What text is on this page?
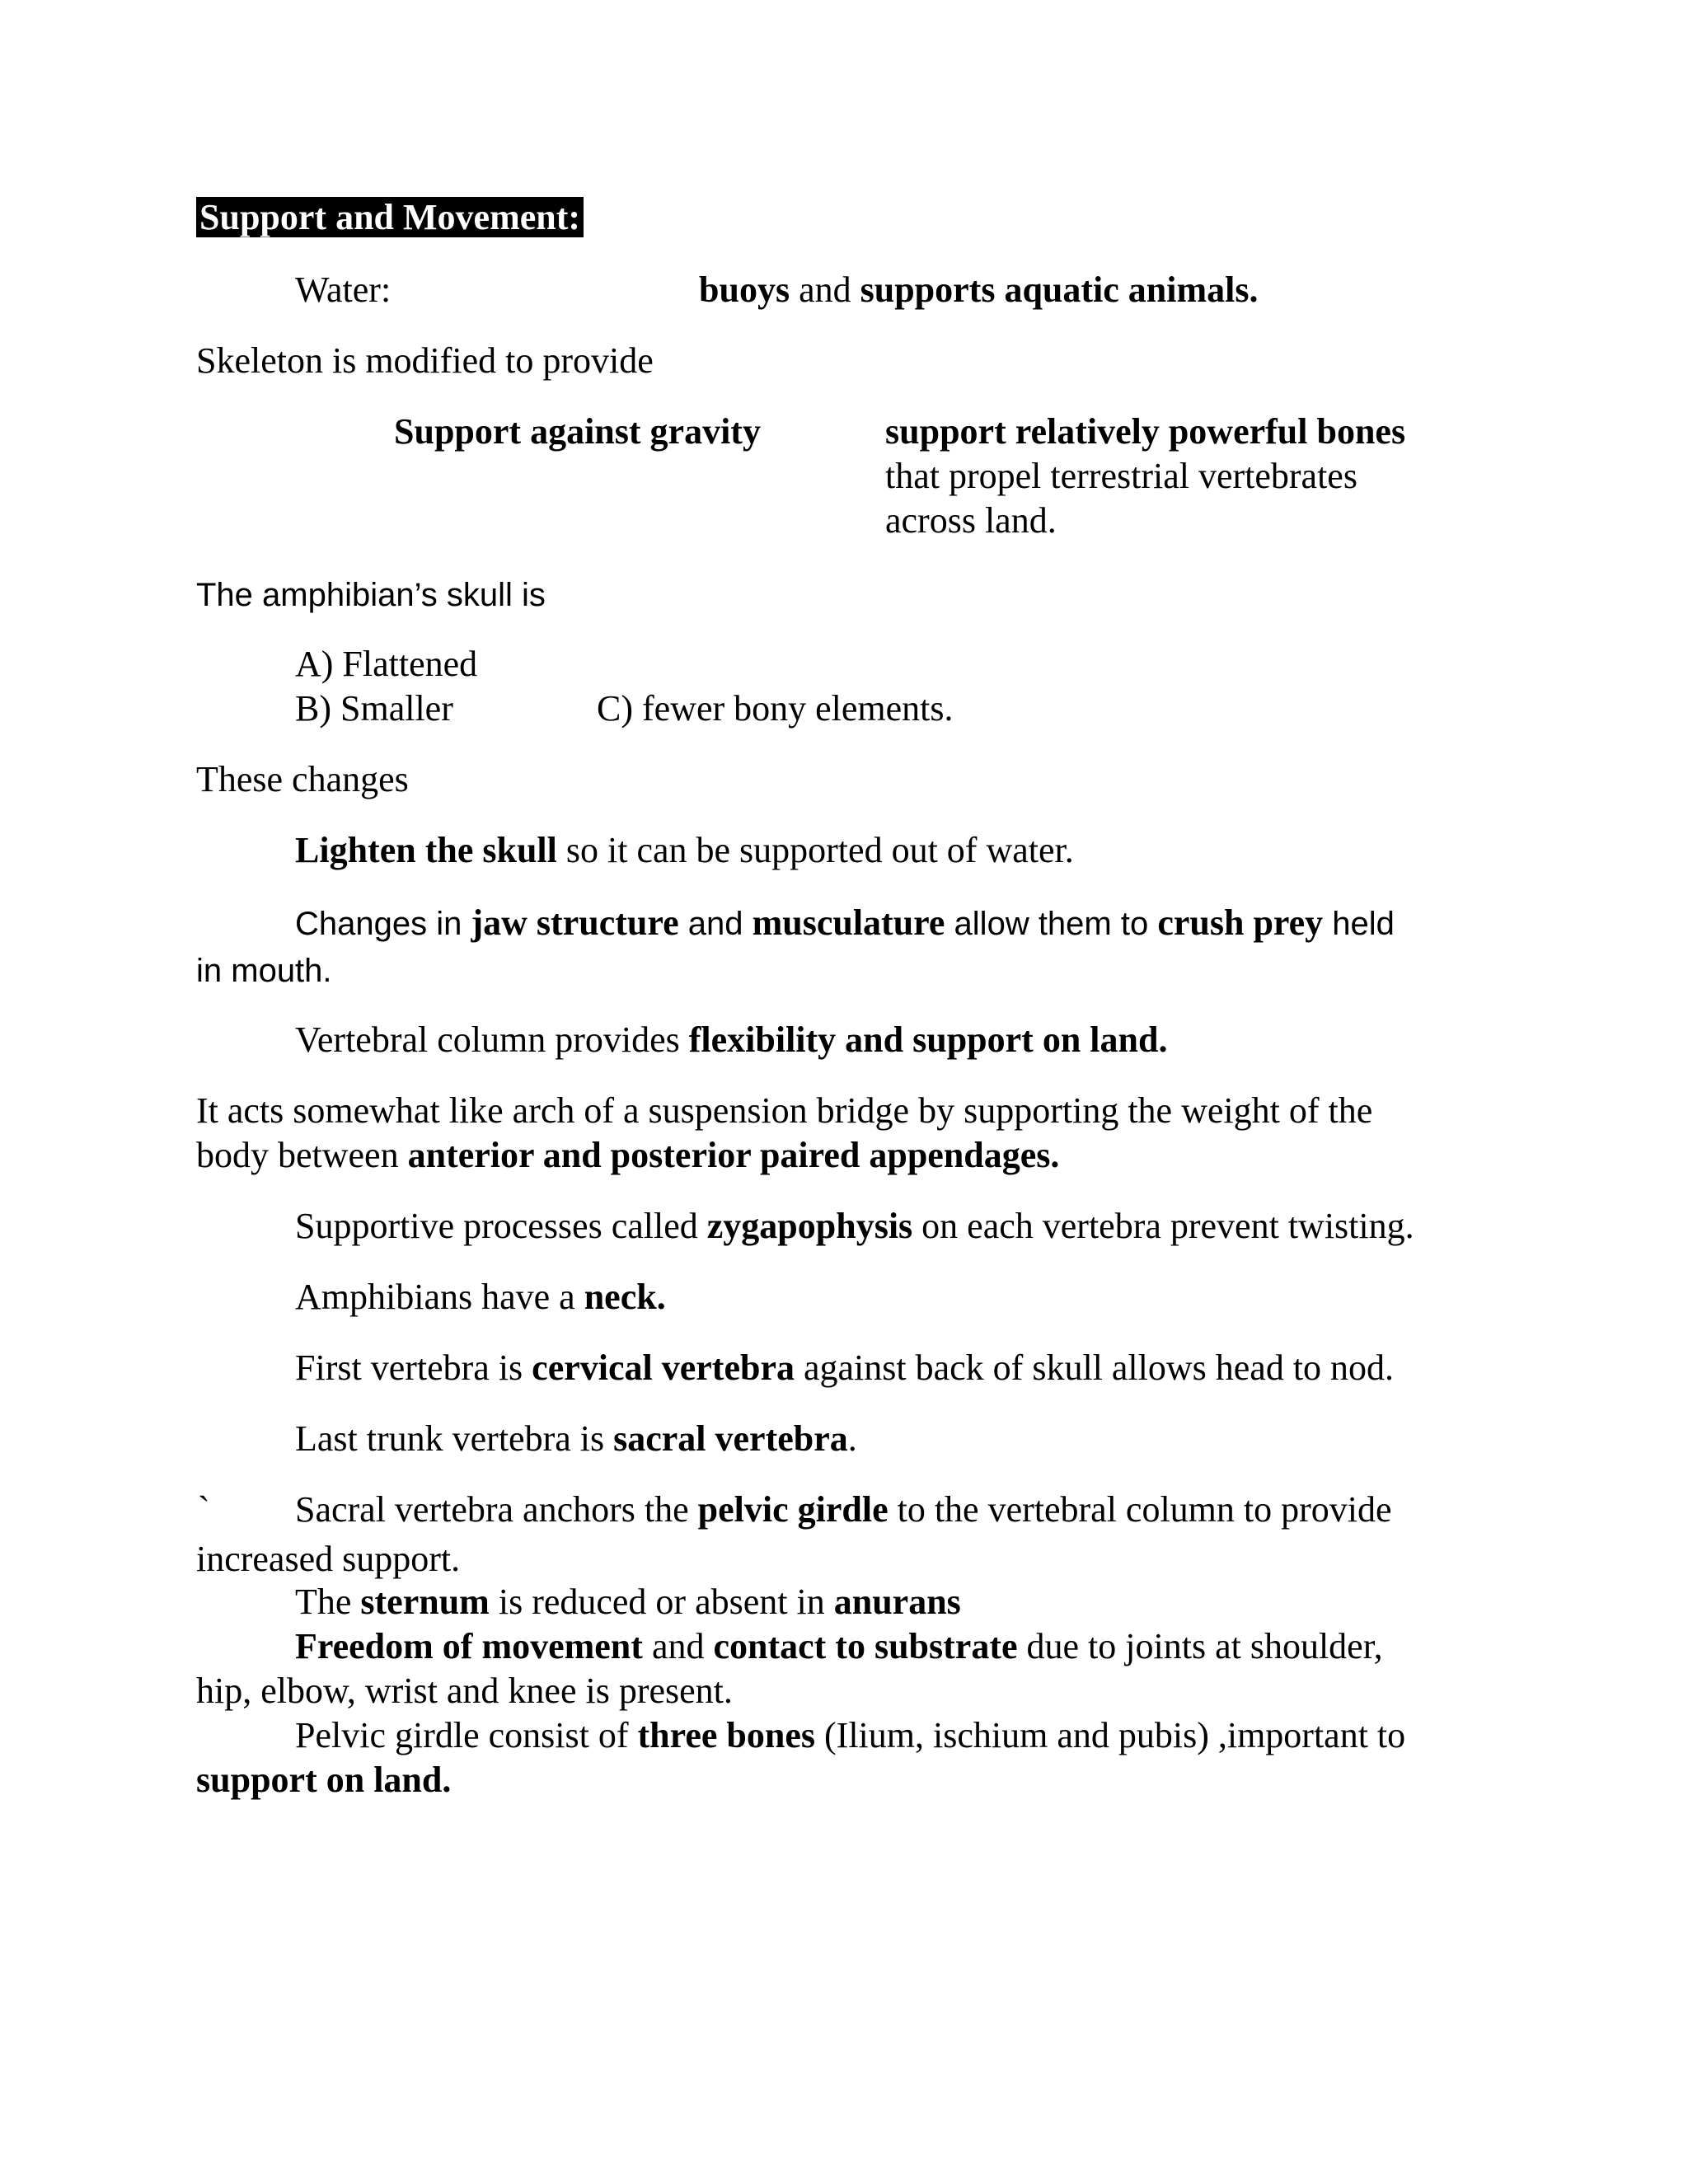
Support and Movement:
Water:	buoys and supports aquatic animals.
Skeleton is modified to provide
Support against gravity	support relatively powerful bones
that propel terrestrial vertebrates
across land.
The amphibian’s skull is
A) Flattened
B) Smaller	C) fewer bony elements.
These changes
Lighten the skull so it can be supported out of water.
Changes in jaw structure and musculature allow them to crush prey held
in mouth.
Vertebral column provides flexibility and support on land.
It acts somewhat like arch of a suspension bridge by supporting the weight of the
body between anterior and posterior paired appendages.
Supportive processes called zygapophysis on each vertebra prevent twisting.
Amphibians have a neck.
First vertebra is cervical vertebra against back of skull allows head to nod.
Last trunk vertebra is sacral vertebra.
` Sacral vertebra anchors the pelvic girdle to the vertebral column to provide
increased support.
The sternum is reduced or absent in anurans
Freedom of movement and contact to substrate due to joints at shoulder,
hip, elbow, wrist and knee is present.
Pelvic girdle consist of three bones (Ilium, ischium and pubis) ,important to
support on land.
